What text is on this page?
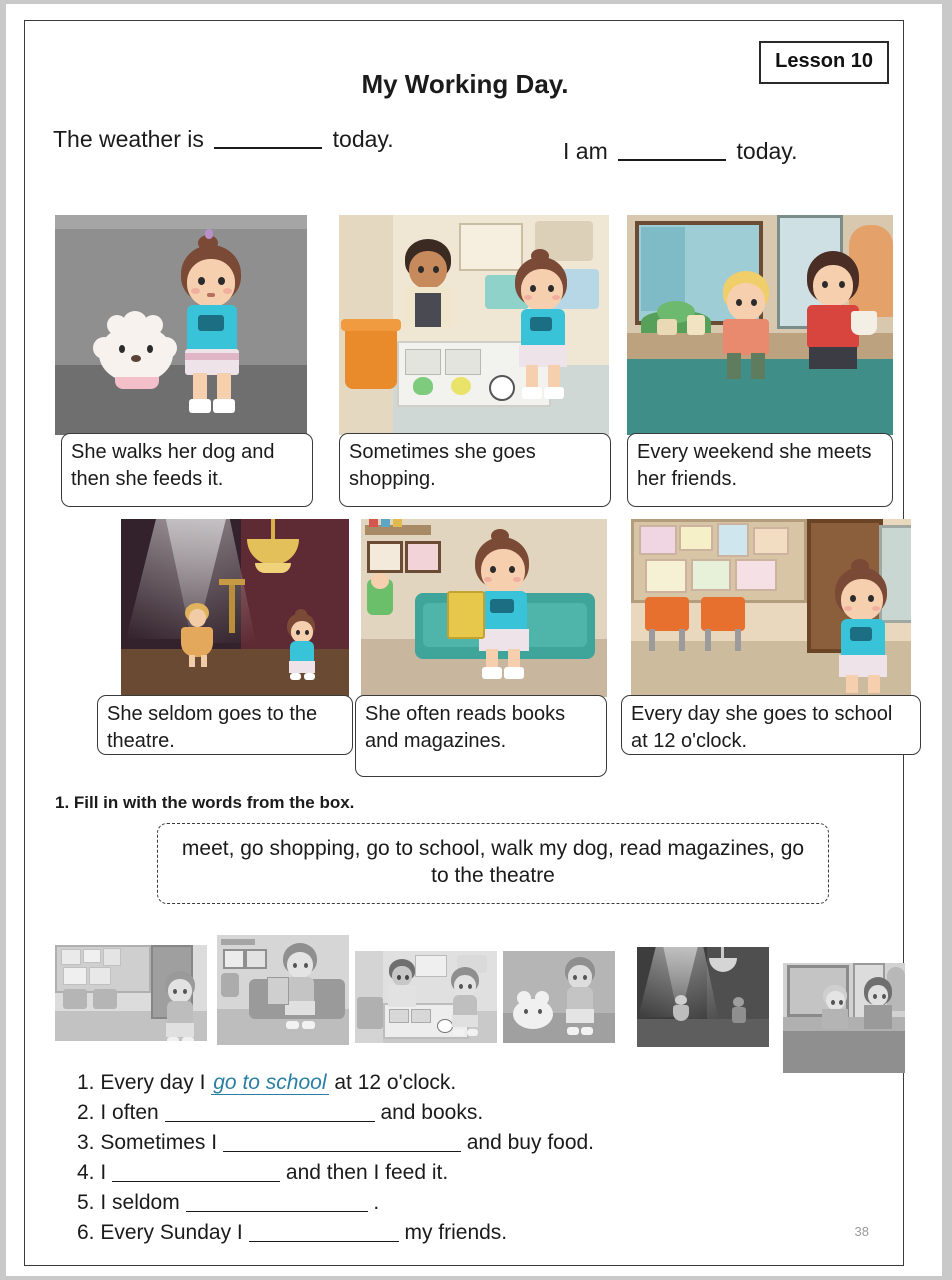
My Working Day.
Lesson 10
The weather is	today.	I am	today.
She walks her dog and then she feeds it.
Sometimes she goes shopping.
Every weekend she meets her friends.
She seldom goes to the theatre.
She often reads books and magazines.
Every day she goes to school at 12 o'clock.
1. Fill in with the words from the box.
meet, go shopping, go to school, walk my dog, read magazines, go to the theatre
1. Every day I go to school at 12 o'clock.
2. I often	and books.
3. Sometimes I	and buy food.
4. I	and then I feed it.
5. I seldom	.
6. Every Sunday I	my friends.	38
